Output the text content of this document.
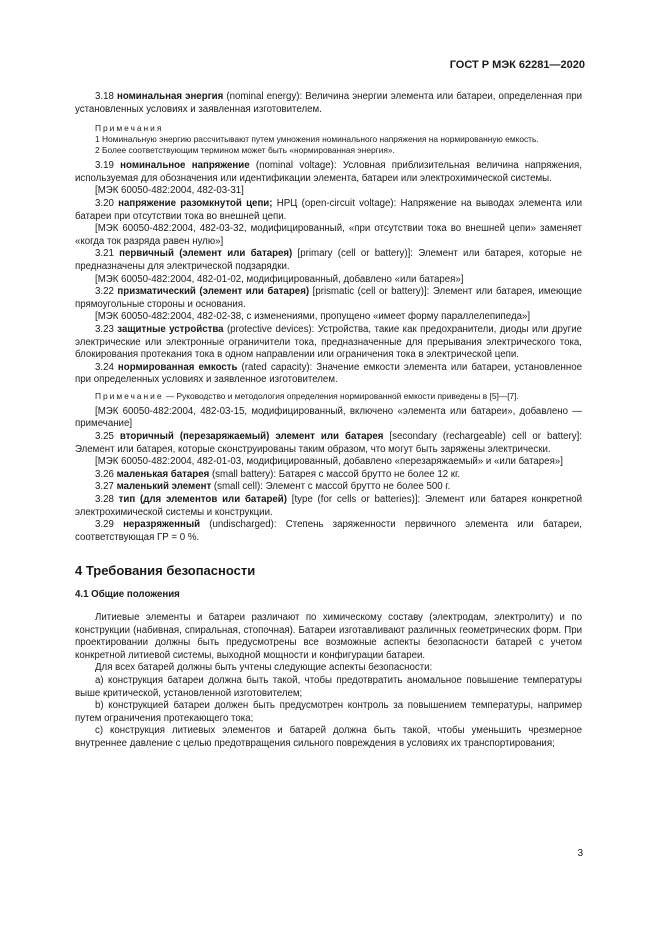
ГОСТ Р МЭК 62281—2020

3.18 номинальная энергия (nominal energy): Величина энергии элемента или батареи, определенная при установленных условиях и заявленная изготовителем.

Примечания

1 Номинальную энергию рассчитывают путем умножения номинального напряжения на нормированную емкость.

2 Более соответствующим термином может быть «нормированная энергия».

3.19 номинальное напряжение (nominal voltage): Условная приблизительная величина напряжения, используемая для обозначения или идентификации элемента, батареи или электрохимической системы.

[МЭК 60050-482:2004, 482-03-31]

3.20 напряжение разомкнутой цепи; НРЦ (open-circuit voltage): Напряжение на выводах элемента или батареи при отсутствии тока во внешней цепи.

[МЭК 60050-482:2004, 482-03-32, модифицированный, «при отсутствии тока во внешней цепи» заменяет «когда ток разряда равен нулю»]

3.21 первичный (элемент или батарея) [primary (cell or battery)]: Элемент или батарея, которые не предназначены для электрической подзарядки.

[МЭК 60050-482:2004, 482-01-02, модифицированный, добавлено «или батарея»]

3.22 призматический (элемент или батарея) [prismatic (cell or battery)]: Элемент или батарея, имеющие прямоугольные стороны и основания.

[МЭК 60050-482:2004, 482-02-38, с изменениями, пропущено «имеет форму параллелепипеда»]

3.23 защитные устройства (protective devices): Устройства, такие как предохранители, диоды или другие электрические или электронные ограничители тока, предназначенные для прерывания электрического тока, блокирования протекания тока в одном направлении или ограничения тока в электрической цепи.

3.24 нормированная емкость (rated capacity): Значение емкости элемента или батареи, установленное при определенных условиях и заявленное изготовителем.

Примечание — Руководство и методология определения нормированной емкости приведены в [5]—[7].

[МЭК 60050-482:2004, 482-03-15, модифицированный, включено «элемента или батареи», добавлено — примечание]

3.25 вторичный (перезаряжаемый) элемент или батарея [secondary (rechargeable) cell or battery]: Элемент или батарея, которые сконструированы таким образом, что могут быть заряжены электрически.

[МЭК 60050-482:2004, 482-01-03, модифицированный, добавлено «перезаряжаемый» и «или батарея»]

3.26 маленькая батарея (small battery): Батарея с массой брутто не более 12 кг.

3.27 маленький элемент (small cell): Элемент с массой брутто не более 500 г.

3.28 тип (для элементов или батарей) [type (for cells or batteries)]: Элемент или батарея конкретной электрохимической системы и конструкции.

3.29 неразряженный (undischarged): Степень заряженности первичного элемента или батареи, соответствующая ГР = 0 %.

4 Требования безопасности

4.1 Общие положения

Литиевые элементы и батареи различают по химическому составу (электродам, электролиту) и по конструкции (набивная, спиральная, стопочная). Батареи изготавливают различных геометрических форм. При проектировании должны быть предусмотрены все возможные аспекты безопасности батарей с учетом конкретной литиевой системы, выходной мощности и конфигурации батареи.

Для всех батарей должны быть учтены следующие аспекты безопасности:

а) конструкция батареи должна быть такой, чтобы предотвратить аномальное повышение температуры выше критической, установленной изготовителем;

b) конструкцией батареи должен быть предусмотрен контроль за повышением температуры, например путем ограничения протекающего тока;

c) конструкция литиевых элементов и батарей должна быть такой, чтобы уменьшить чрезмерное внутреннее давление с целью предотвращения сильного повреждения в условиях их транспортирования;

3
